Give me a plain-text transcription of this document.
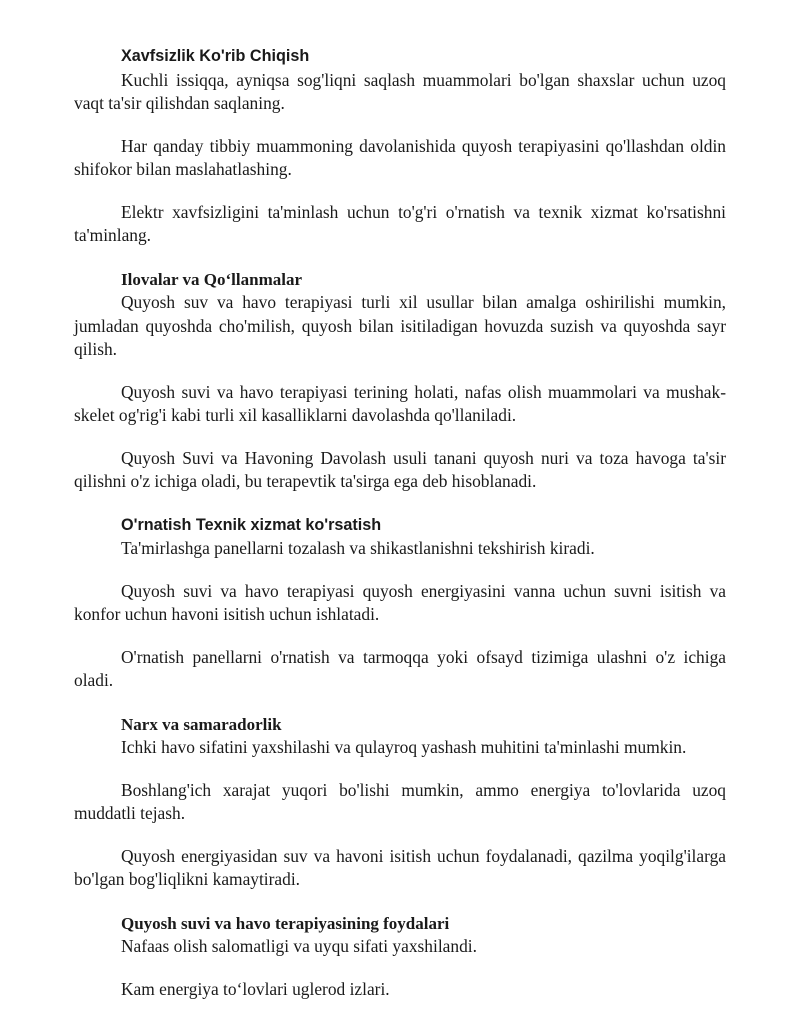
Xavfsizlik Ko'rib Chiqish

Kuchli issiqqa, ayniqsa sog'liqni saqlash muammolari bo'lgan shaxslar uchun uzoq vaqt ta'sir qilishdan saqlaning.

Har qanday tibbiy muammoning davolanishida quyosh terapiyasini qo'llashdan oldin shifokor bilan maslahatlashing.

Elektr xavfsizligini ta'minlash uchun to'g'ri o'rnatish va texnik xizmat ko'rsatishni ta'minlang.

Ilovalar va Qo‘llanmalar

Quyosh suv va havo terapiyasi turli xil usullar bilan amalga oshirilishi mumkin, jumladan quyoshda cho'milish, quyosh bilan isitiladigan hovuzda suzish va quyoshda sayr qilish.

Quyosh suvi va havo terapiyasi terining holati, nafas olish muammolari va mushak-skelet og'rig'i kabi turli xil kasalliklarni davolashda qo'llaniladi.

Quyosh Suvi va Havoning Davolash usuli tanani quyosh nuri va toza havoga ta'sir qilishni o'z ichiga oladi, bu terapevtik ta'sirga ega deb hisoblanadi.

O'rnatish Texnik xizmat ko'rsatish

Ta'mirlashga panellarni tozalash va shikastlanishni tekshirish kiradi.

Quyosh suvi va havo terapiyasi quyosh energiyasini vanna uchun suvni isitish va konfor uchun havoni isitish uchun ishlatadi.

O'rnatish panellarni o'rnatish va tarmoqqa yoki ofsayd tizimiga ulashni o'z ichiga oladi.

Narx va samaradorlik

Ichki havo sifatini yaxshilashi va qulayroq yashash muhitini ta'minlashi mumkin.

Boshlang'ich xarajat yuqori bo'lishi mumkin, ammo energiya to'lovlarida uzoq muddatli tejash.

Quyosh energiyasidan suv va havoni isitish uchun foydalanadi, qazilma yoqilg'ilarga bo'lgan bog'liqlikni kamaytiradi.

Quyosh suvi va havo terapiyasining foydalari

Nafaas olish salomatligi va uyqu sifati yaxshilandi.

Kam energiya to‘lovlari uglerod izlari.
